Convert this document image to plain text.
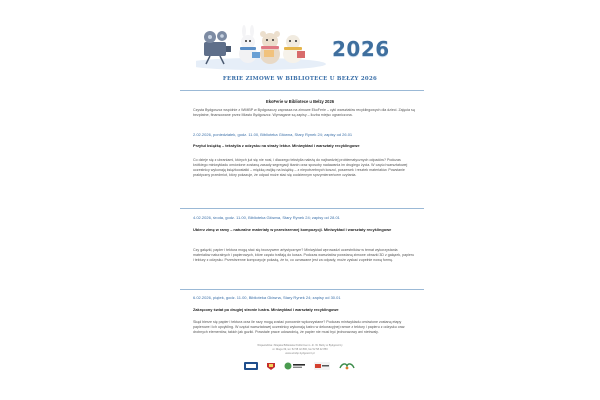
2026
FERIE ZIMOWE W BIBLIOTECE U BEŁZY 2026
EkoFerie w Bibliotece u Bełzy 2026

Czysta Bydgoszcz wspólnie z WiMBP w Bydgoszczy zaprasza na zimowe EkoFerie – cykl warsztatów recyklingowych dla dzieci. Zajęcia są bezpłatne, finansowane przez Miasto Bydgoszcz. Wymagane są zapisy – liczba miejsc ograniczona.

2.02.2026, poniedziałek, godz. 11.00, Biblioteka Główna, Stary Rynek 24; zapisy od 26.01

Przytul książkę – tekstylia z odzysku na straży lektur. Miniwykład i warsztaty recyklingowe

Co dzieje się z ubraniami, których już się nie nosi, i dlaczego tekstylia należą do najbardziej problematycznych odpadów? Podczas krótkiego miniwykładu omówione zostaną zasady segregacji tkanin oraz sposoby nadawania im drugiego życia. W części warsztatowej uczestnicy wykonają książkoostatki – miękką owijkę na książkę – z niepotrzebnych koszul, poszewek i resztek materiałów. Powstanie praktyczny przedmiot, który pokazuje, że odpad może stać się codziennym sprzymierzeńcem czytania.

4.02.2026, środa, godz. 11.00, Biblioteka Główna, Stary Rynek 24; zapisy od 28.01

Ubierz zimę w ramy – naturalne materiały w przestrzennej kompozycji. Miniwykład i warsztaty recyklingowe

Czy gałązki, papier i tektura mogą stać się tworzywem artystycznym? Miniwykład wprowadzi uczestników w temat wykorzystania materiałów naturalnych i papierowych, które często trafiają do kosza. Podczas warsztatów powstaną zimowe obrazki 3D z gałązek, papieru i tektury z odzysku. Przestrzenne kompozycje pokażą, że to, co uznawane jest za odpady, może zyskać zupełnie nową formę.

6.02.2026, piątek, godz. 11.00, Biblioteka Główna, Stary Rynek 24; zapisy od 30.01

Zakręcony świat po drugiej stronie lustra. Miniwykład i warsztaty recyklingowe

Skąd bierze się papier i tektura oraz ile razy mogą zostać ponownie wykorzystane? Podczas miniwykładu omówione zostaną etapy papierowe i ich upcykling. W części warsztatowej uczestnicy wykonają lustro w dekoracyjnej ramce z tektury i papieru z odzysku oraz drobnych elementów, takich jak guziki. Powstałe prace udowodnią, że papier nie musi być jednorazowy ani nietrwały.

Wojewódzka i Miejska Biblioteka Publiczna im. dr. W. Bełzy w Bydgoszczy
ul. Długa 39, tel. 52 58 42 800, fax 52 58 42 850
www.wimbp.bydgoszcz.pl
